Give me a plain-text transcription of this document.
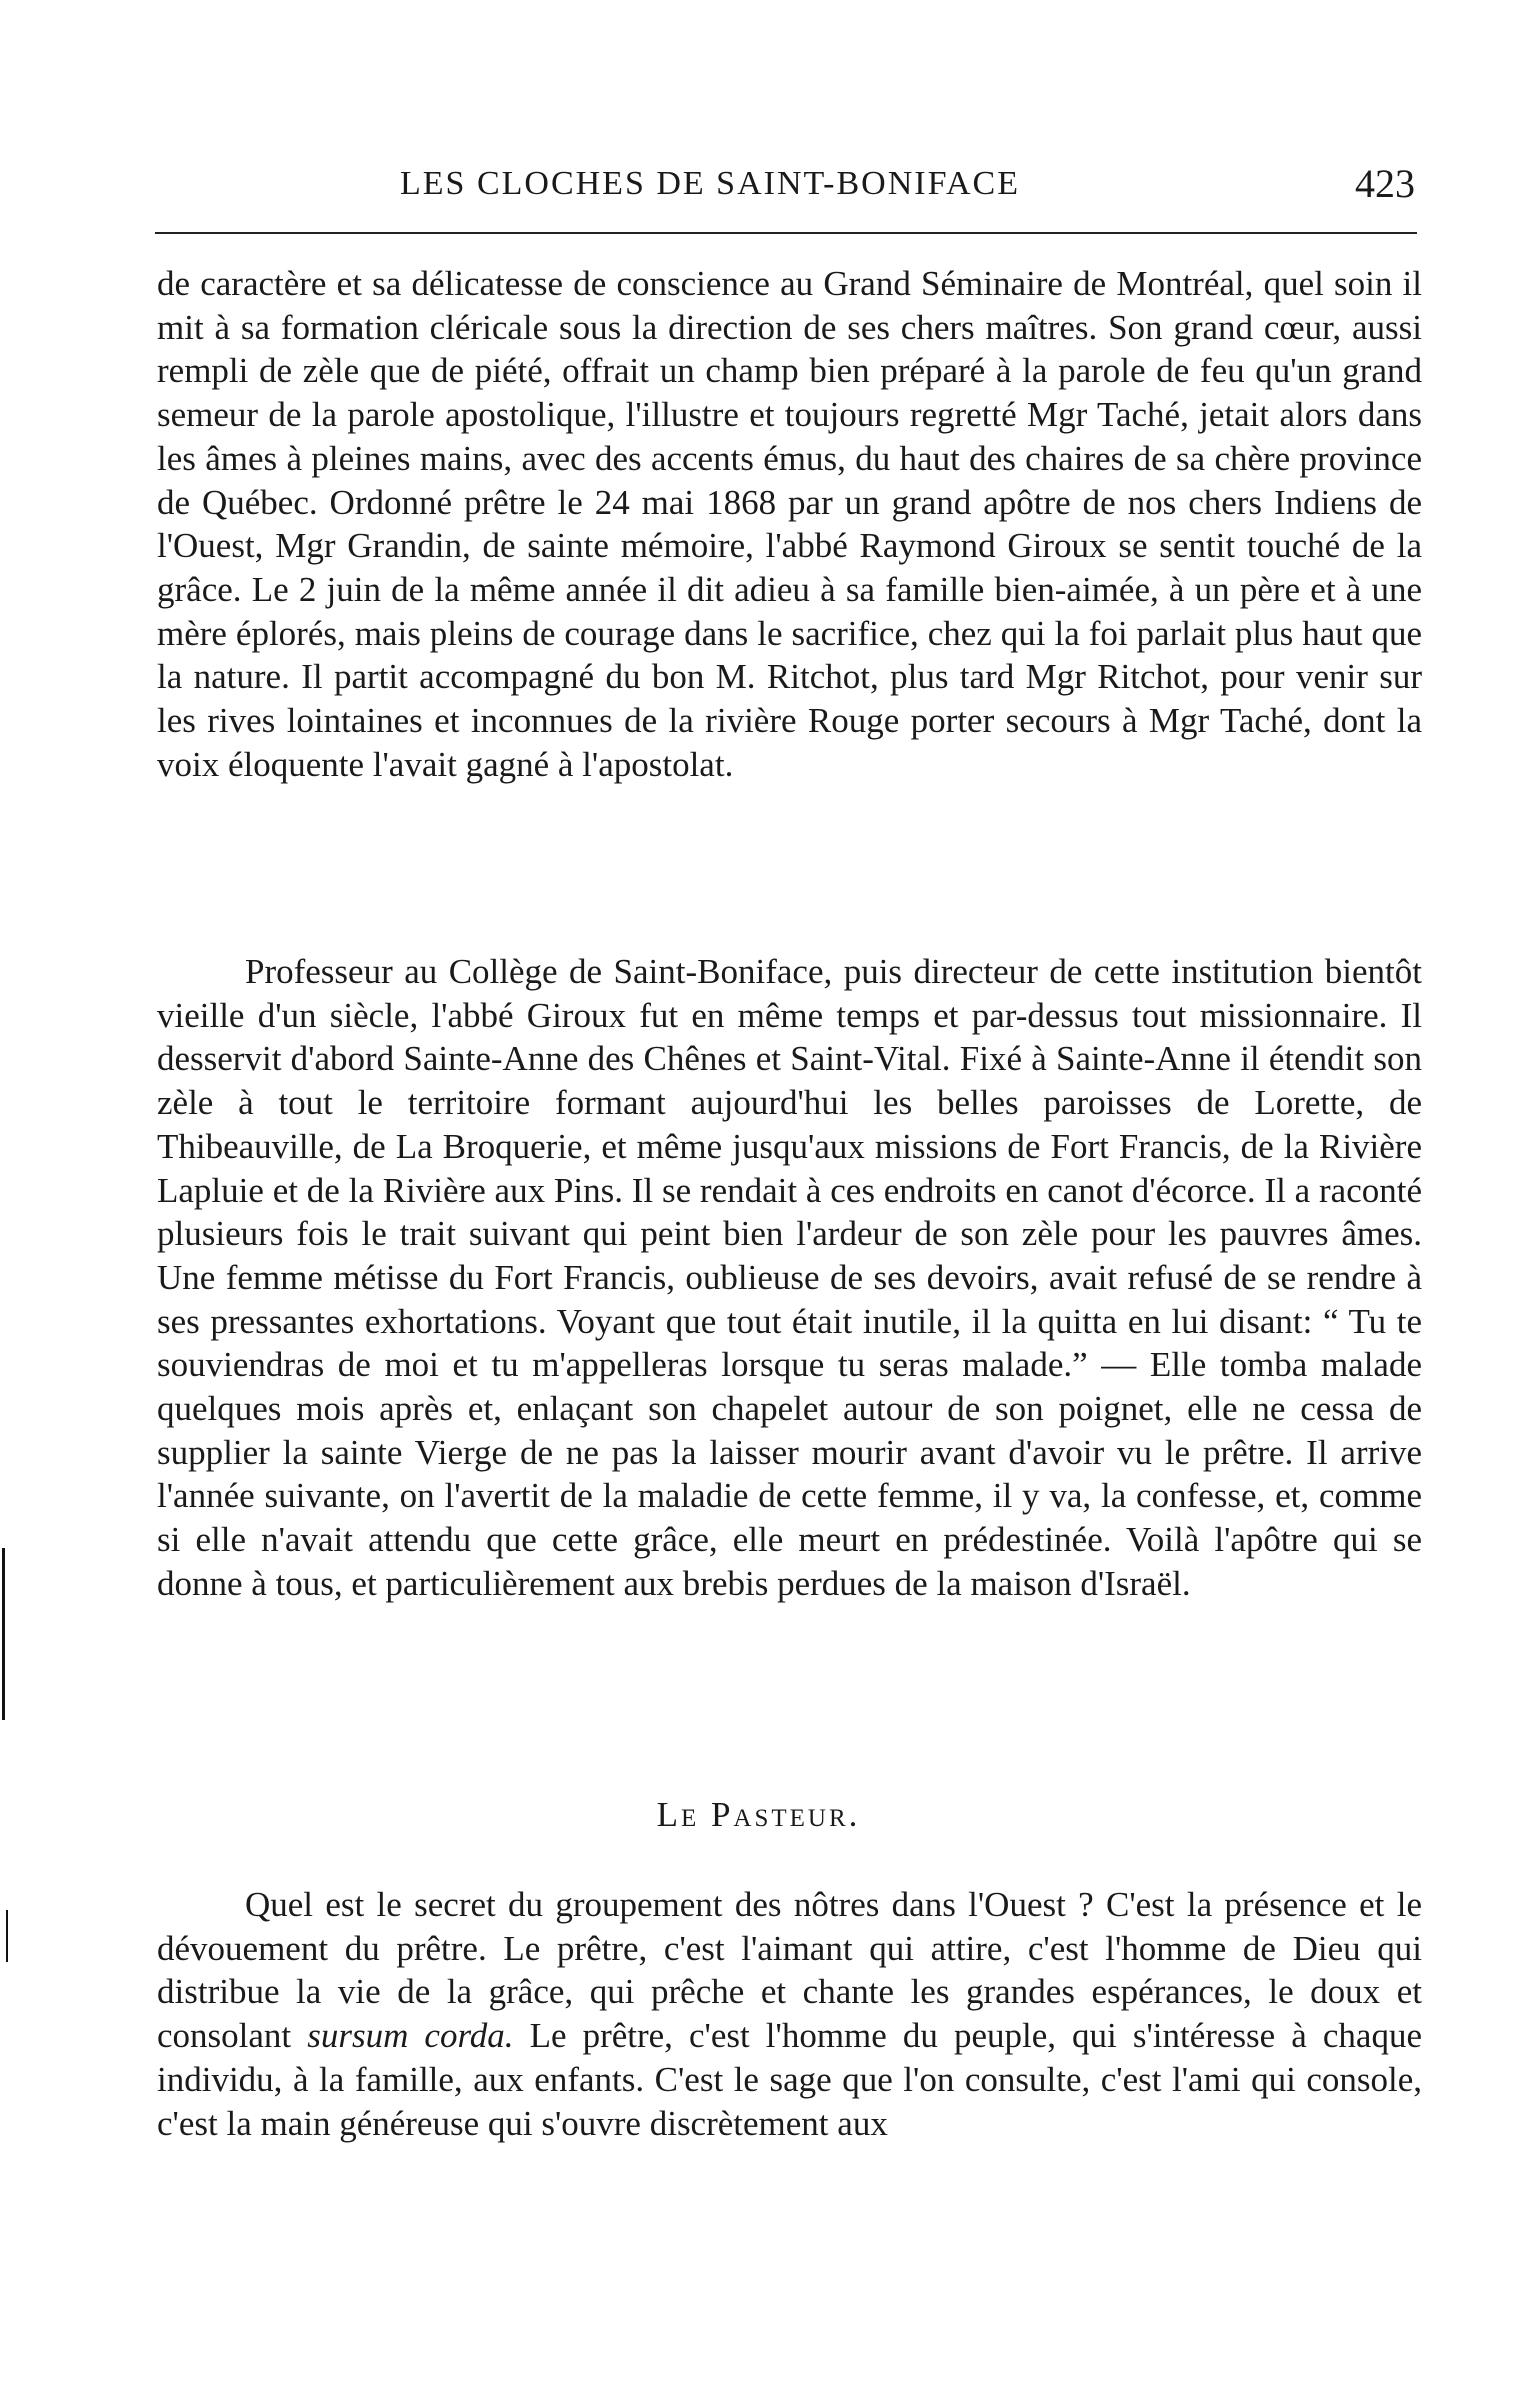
LES CLOCHES DE SAINT-BONIFACE	423

de caractère et sa délicatesse de conscience au Grand Séminaire de Montréal, quel soin il mit à sa formation cléricale sous la direction de ses chers maîtres. Son grand cœur, aussi rempli de zèle que de piété, offrait un champ bien préparé à la parole de feu qu'un grand semeur de la parole apostolique, l'illustre et toujours regretté Mgr Taché, jetait alors dans les âmes à pleines mains, avec des accents émus, du haut des chaires de sa chère province de Québec. Ordonné prêtre le 24 mai 1868 par un grand apôtre de nos chers Indiens de l'Ouest, Mgr Grandin, de sainte mémoire, l'abbé Raymond Giroux se sentit touché de la grâce. Le 2 juin de la même année il dit adieu à sa famille bien-aimée, à un père et à une mère éplorés, mais pleins de courage dans le sacrifice, chez qui la foi parlait plus haut que la nature. Il partit accompagné du bon M. Ritchot, plus tard Mgr Ritchot, pour venir sur les rives lointaines et inconnues de la rivière Rouge porter secours à Mgr Taché, dont la voix éloquente l'avait gagné à l'apostolat.

Professeur au Collège de Saint-Boniface, puis directeur de cette institution bientôt vieille d'un siècle, l'abbé Giroux fut en même temps et par-dessus tout missionnaire. Il desservit d'abord Sainte-Anne des Chênes et Saint-Vital. Fixé à Sainte-Anne il étendit son zèle à tout le territoire formant aujourd'hui les belles paroisses de Lorette, de Thibeauville, de La Broquerie, et même jusqu'aux missions de Fort Francis, de la Rivière Lapluie et de la Rivière aux Pins. Il se rendait à ces endroits en canot d'écorce. Il a raconté plusieurs fois le trait suivant qui peint bien l'ardeur de son zèle pour les pauvres âmes. Une femme métisse du Fort Francis, oublieuse de ses devoirs, avait refusé de se rendre à ses pressantes exhortations. Voyant que tout était inutile, il la quitta en lui disant: “ Tu te souviendras de moi et tu m'appelleras lorsque tu seras malade.” — Elle tomba malade quelques mois après et, enlaçant son chapelet autour de son poignet, elle ne cessa de supplier la sainte Vierge de ne pas la laisser mourir avant d'avoir vu le prêtre. Il arrive l'année suivante, on l'avertit de la maladie de cette femme, il y va, la confesse, et, comme si elle n'avait attendu que cette grâce, elle meurt en prédestinée. Voilà l'apôtre qui se donne à tous, et particulièrement aux brebis perdues de la maison d'Israël.

Le Pasteur.

Quel est le secret du groupement des nôtres dans l'Ouest ? C'est la présence et le dévouement du prêtre. Le prêtre, c'est l'aimant qui attire, c'est l'homme de Dieu qui distribue la vie de la grâce, qui prêche et chante les grandes espérances, le doux et consolant sursum corda. Le prêtre, c'est l'homme du peuple, qui s'intéresse à chaque individu, à la famille, aux enfants. C'est le sage que l'on consulte, c'est l'ami qui console, c'est la main généreuse qui s'ouvre discrètement aux
